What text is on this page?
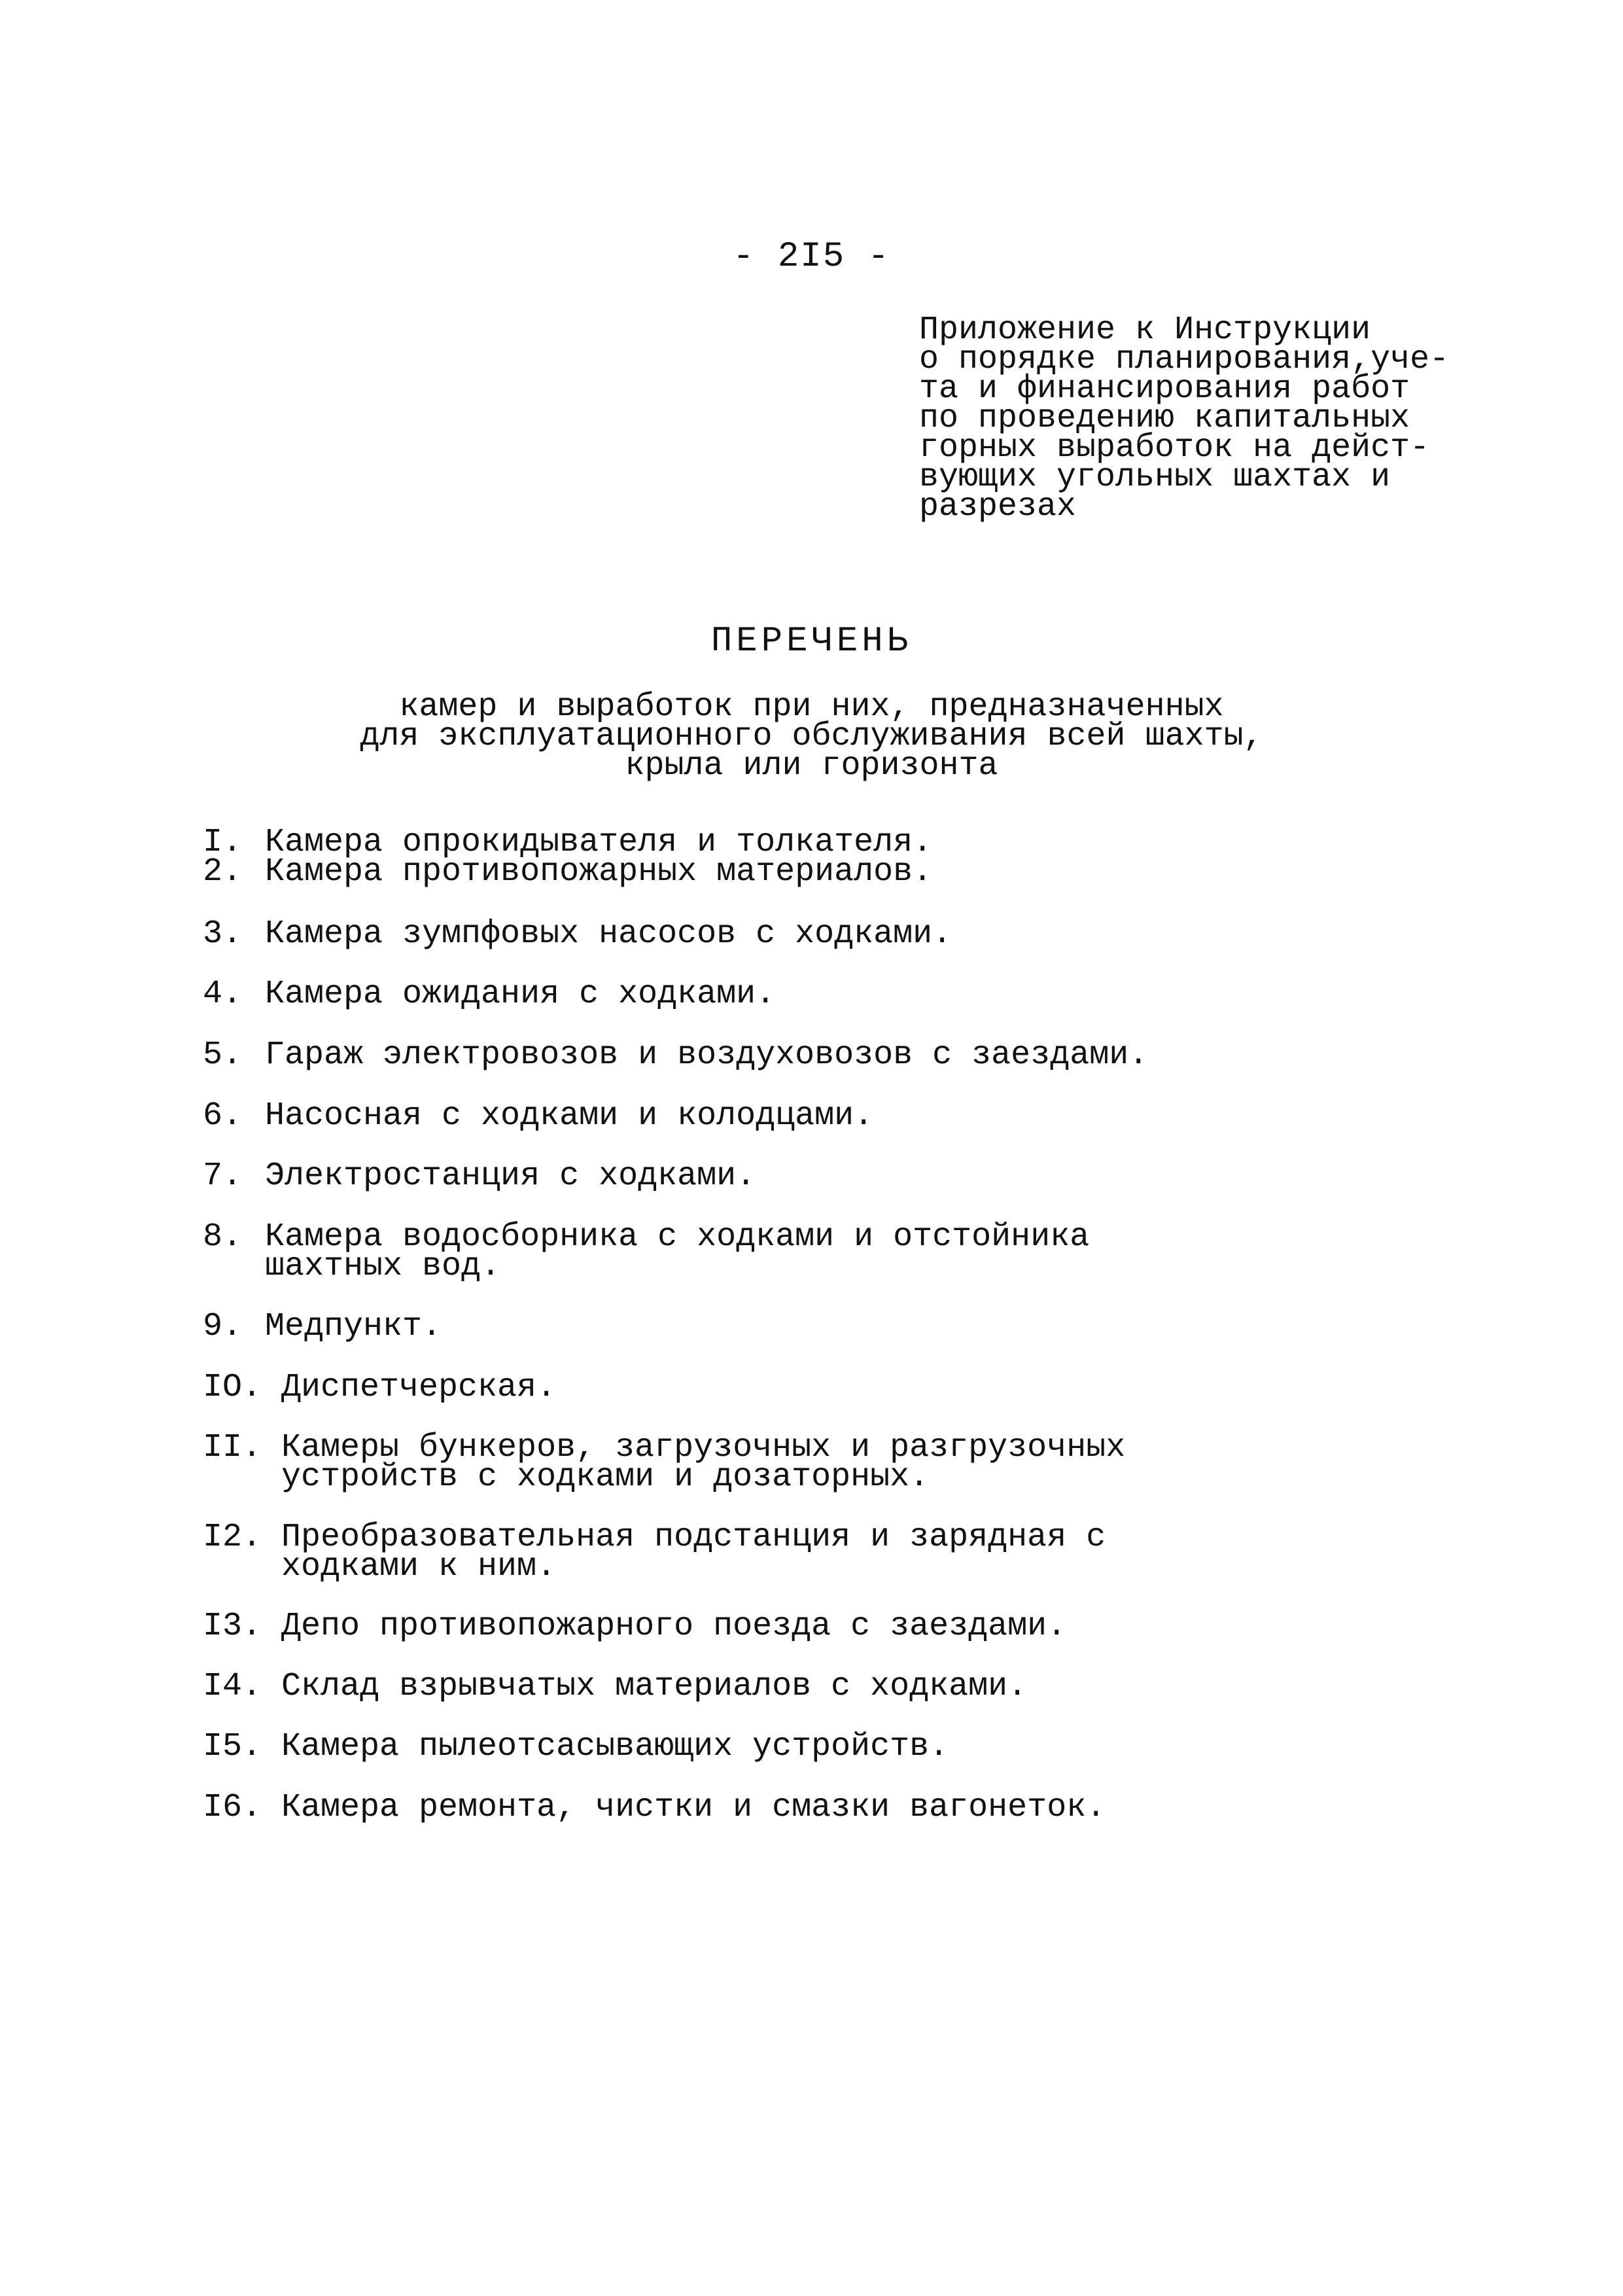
- 2I5 -
Приложение к Инструкции
о порядке планирования,уче-
та и финансирования работ
по проведению капитальных
горных выработок на дейст-
вующих угольных шахтах и
разрезах
ПЕРЕЧЕНЬ
камер и выработок при них, предназначенных
для эксплуатационного обслуживания всей шахты,
крыла или горизонта
I. Камера опрокидывателя и толкателя.
2. Камера противопожарных материалов.
3. Камера зумпфовых насосов с ходками.
4. Камера ожидания с ходками.
5. Гараж электровозов и воздуховозов с заездами.
6. Насосная с ходками и колодцами.
7. Электростанция с ходками.
8. Камера водосборника с ходками и отстойника
шахтных вод.
9. Медпункт.
IO. Диспетчерская.
II. Камеры бункеров, загрузочных и разгрузочных
устройств с ходками и дозаторных.
I2. Преобразовательная подстанция и зарядная с
ходками к ним.
I3. Депо противопожарного поезда с заездами.
I4. Склад взрывчатых материалов с ходками.
I5. Камера пылеотсасывающих устройств.
I6. Камера ремонта, чистки и смазки вагонеток.
